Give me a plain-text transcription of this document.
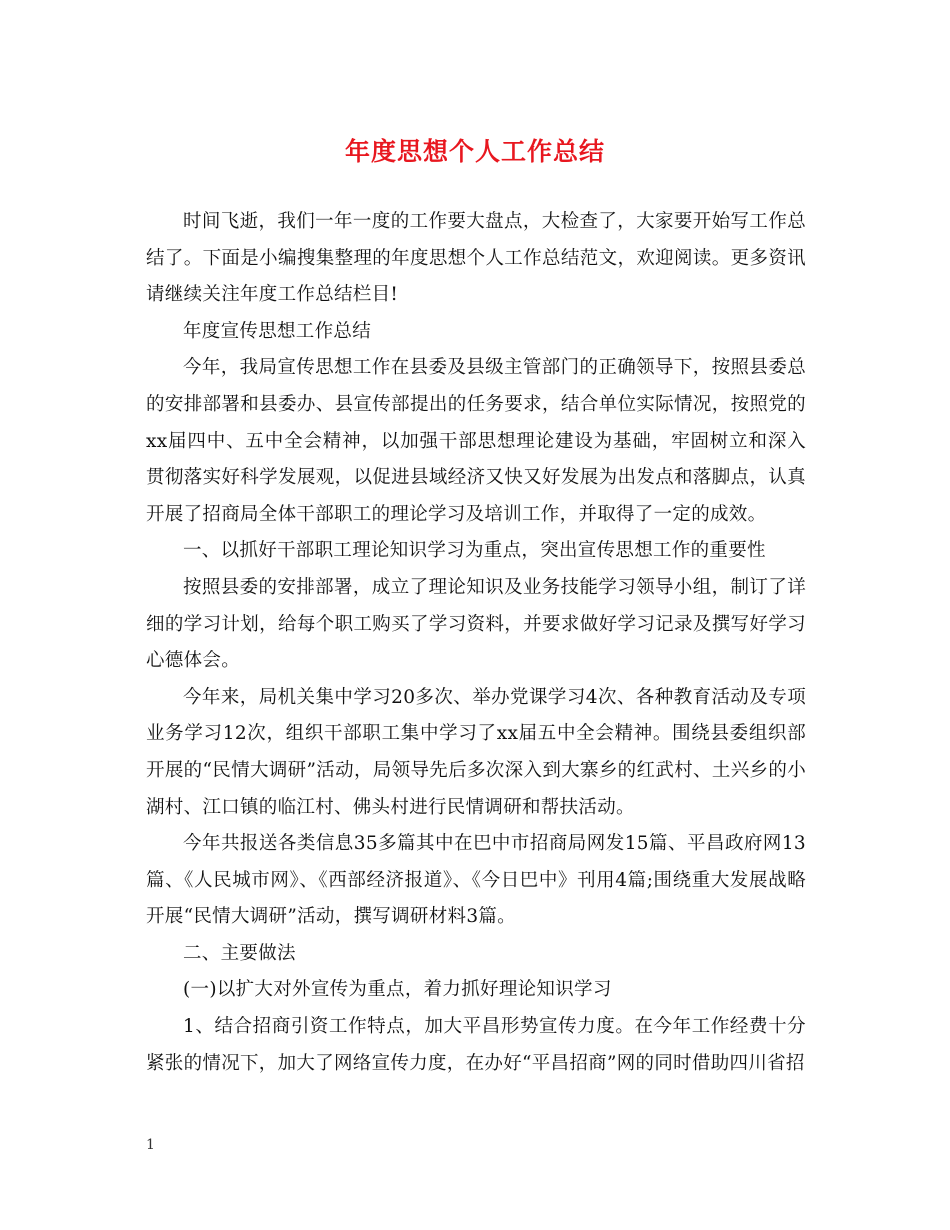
年度思想个人工作总结

时间飞逝，我们一年一度的工作要大盘点，大检查了，大家要开始写工作总结了。下面是小编搜集整理的年度思想个人工作总结范文，欢迎阅读。更多资讯请继续关注年度工作总结栏目!

年度宣传思想工作总结

今年，我局宣传思想工作在县委及县级主管部门的正确领导下，按照县委总的安排部署和县委办、县宣传部提出的任务要求，结合单位实际情况，按照党的xx届四中、五中全会精神，以加强干部思想理论建设为基础，牢固树立和深入贯彻落实好科学发展观，以促进县域经济又快又好发展为出发点和落脚点，认真开展了招商局全体干部职工的理论学习及培训工作，并取得了一定的成效。

一、以抓好干部职工理论知识学习为重点，突出宣传思想工作的重要性

按照县委的安排部署，成立了理论知识及业务技能学习领导小组，制订了详细的学习计划，给每个职工购买了学习资料，并要求做好学习记录及撰写好学习心德体会。

今年来，局机关集中学习20多次、举办党课学习4次、各种教育活动及专项业务学习12次，组织干部职工集中学习了xx届五中全会精神。围绕县委组织部开展的“民情大调研”活动，局领导先后多次深入到大寨乡的红武村、土兴乡的小湖村、江口镇的临江村、佛头村进行民情调研和帮扶活动。

今年共报送各类信息35多篇其中在巴中市招商局网发15篇、平昌政府网13篇、《人民城市网》、《西部经济报道》、《今日巴中》刊用4篇;围绕重大发展战略开展“民情大调研”活动，撰写调研材料3篇。

二、主要做法

(一)以扩大对外宣传为重点，着力抓好理论知识学习

1、结合招商引资工作特点，加大平昌形势宣传力度。在今年工作经费十分紧张的情况下，加大了网络宣传力度，在办好“平昌招商”网的同时借助四川省招

1
